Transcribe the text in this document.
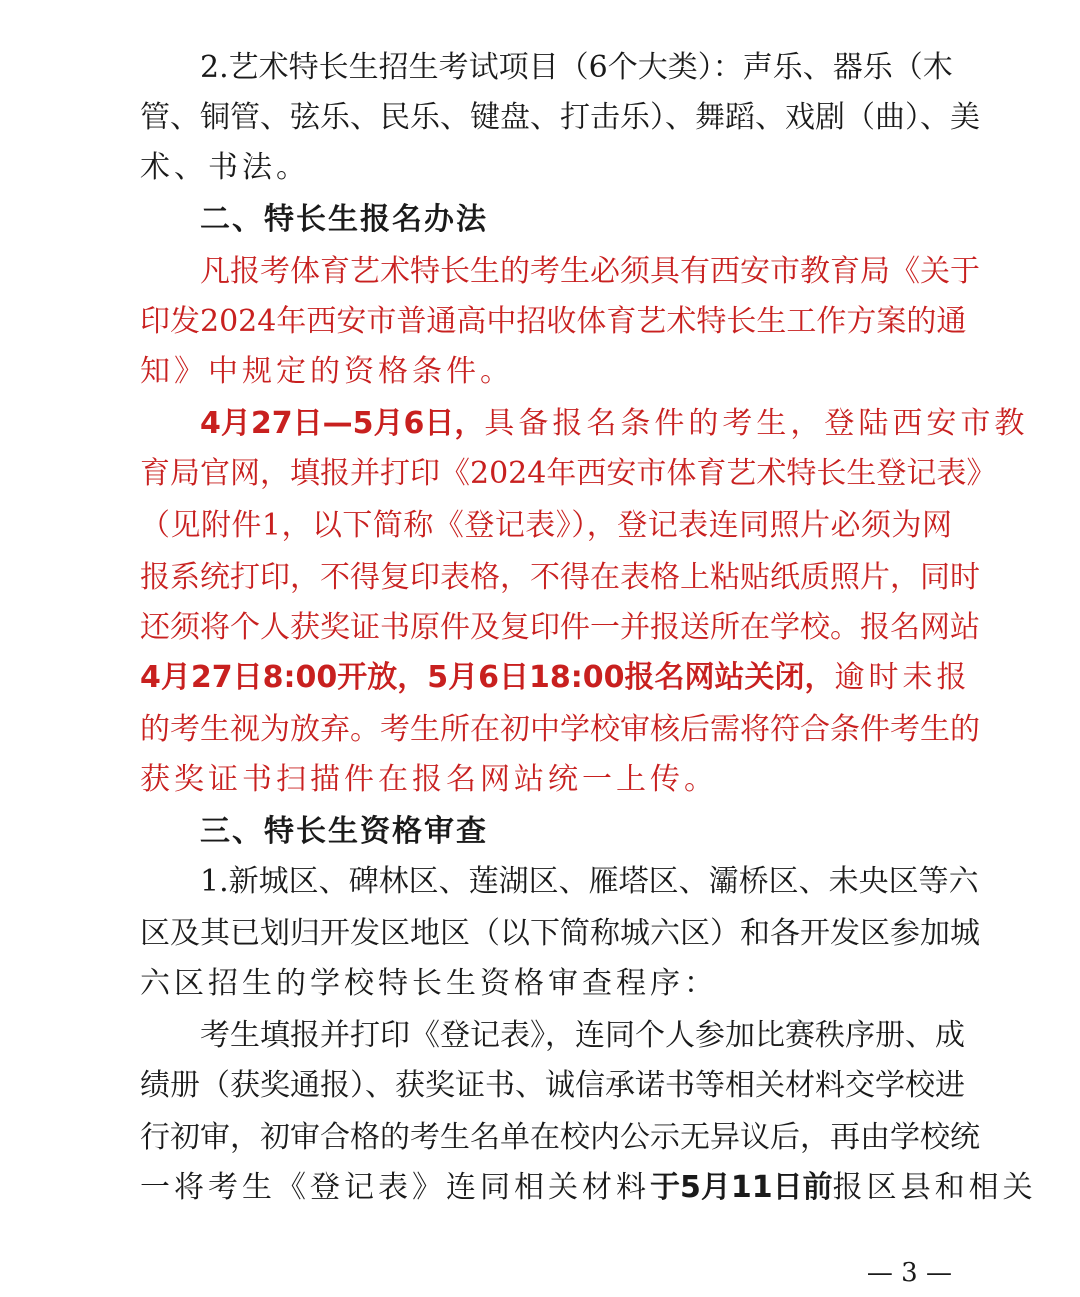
2.艺术特长生招生考试项目（6个大类）：声乐、器乐（木
管、铜管、弦乐、民乐、键盘、打击乐）、舞蹈、戏剧（曲）、美
术、书法。
二、特长生报名办法
凡报考体育艺术特长生的考生必须具有西安市教育局《关于
印发2024年西安市普通高中招收体育艺术特长生工作方案的通
知》中规定的资格条件。
4月27日—5月6日， 具备报名条件的考生，登陆西安市教
育局官网，填报并打印《2024年西安市体育艺术特长生登记表》
（见附件1，以下简称《登记表》），登记表连同照片必须为网
报系统打印，不得复印表格，不得在表格上粘贴纸质照片，同时
还须将个人获奖证书原件及复印件一并报送所在学校。报名网站
4月27日8:00开放，5月6日18:00报名网站关闭， 逾时未报
的考生视为放弃。考生所在初中学校审核后需将符合条件考生的
获奖证书扫描件在报名网站统一上传。
三、特长生资格审查
1.新城区、碑林区、莲湖区、雁塔区、灞桥区、未央区等六
区及其已划归开发区地区（以下简称城六区）和各开发区参加城
六区招生的学校特长生资格审查程序：
考生填报并打印《登记表》，连同个人参加比赛秩序册、成
绩册（获奖通报）、获奖证书、诚信承诺书等相关材料交学校进
行初审，初审合格的考生名单在校内公示无异议后，再由学校统
一将考生《登记表》连同相关材料 于5月11日前 报区县和相关
— 3 —
